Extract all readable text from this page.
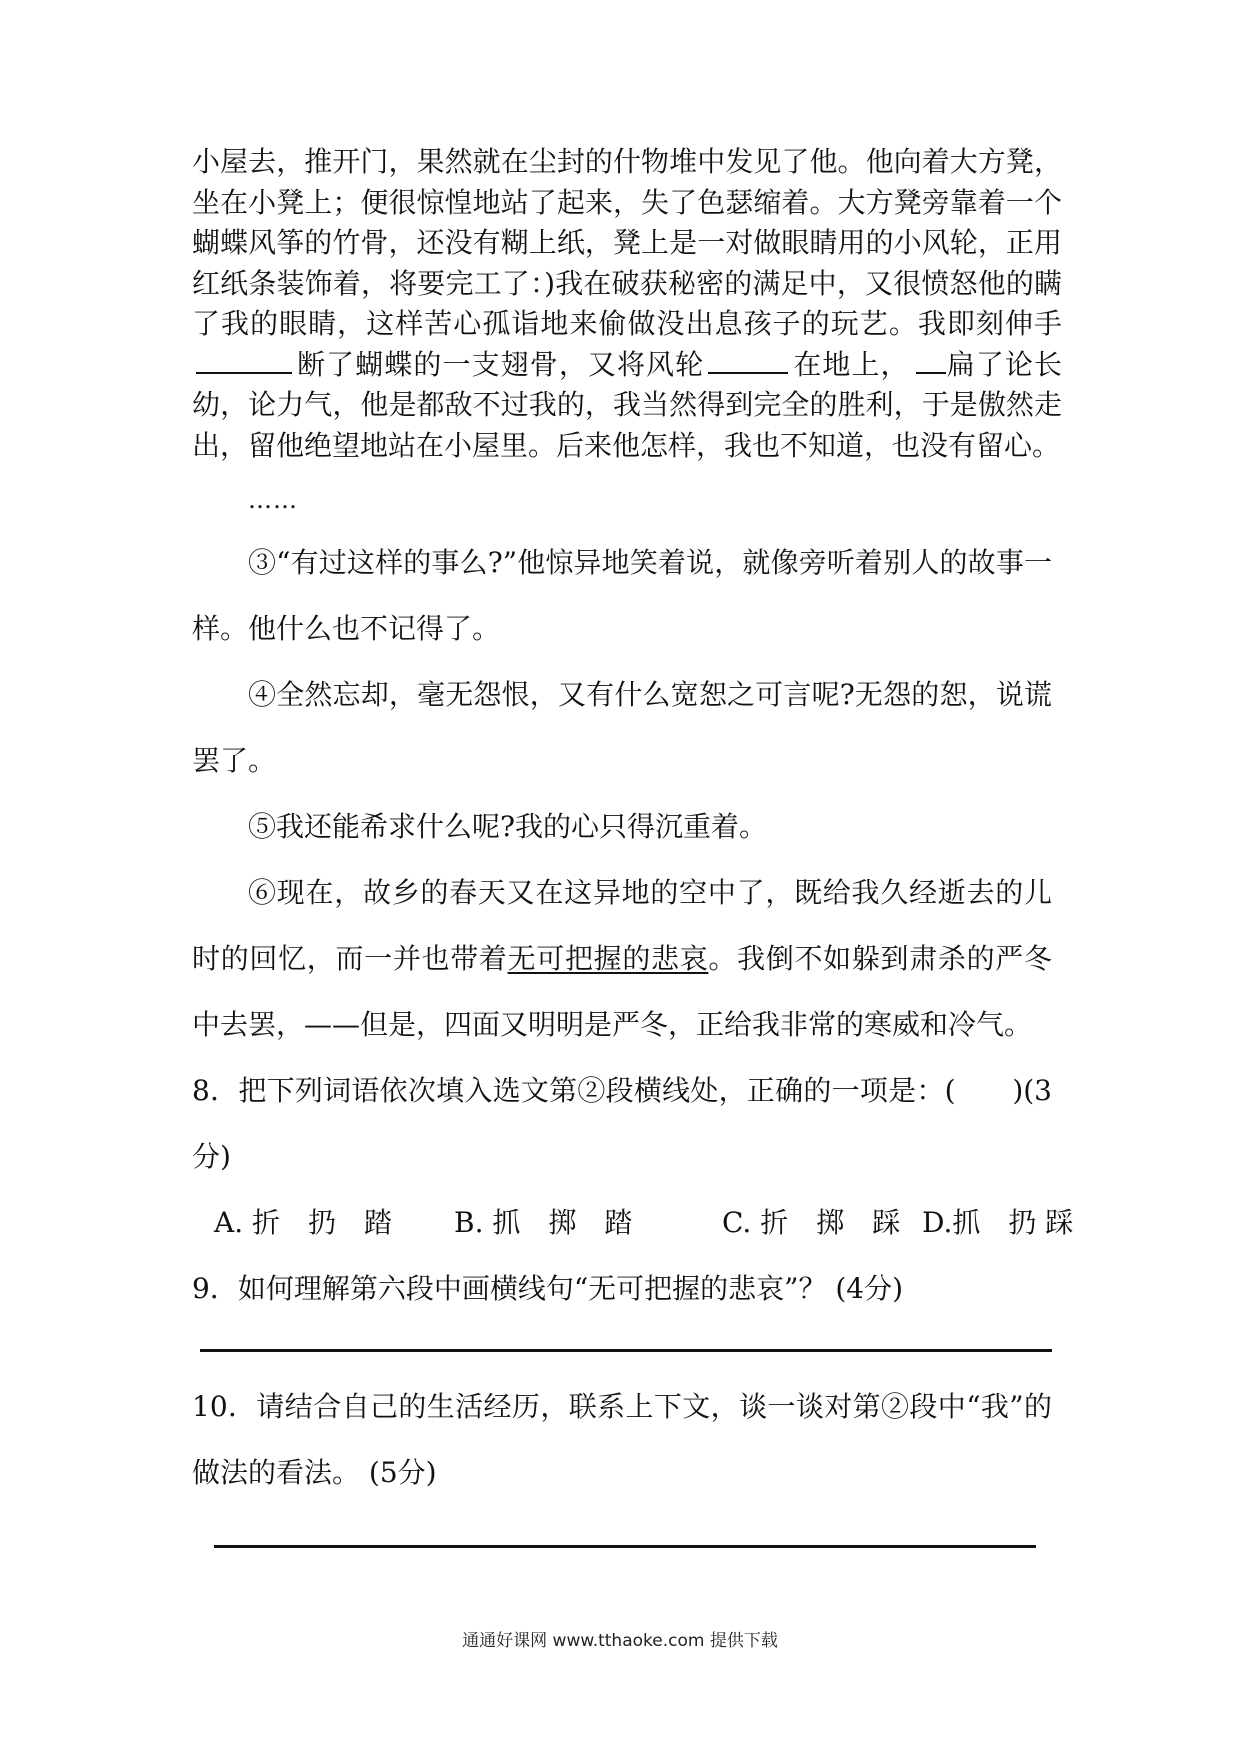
小屋去，推开门，果然就在尘封的什物堆中发见了他。他向着大方凳，坐在小凳上；便很惊惶地站了起来，失了色瑟缩着。大方凳旁靠着一个蝴蝶风筝的竹骨，还没有糊上纸，凳上是一对做眼睛用的小风轮，正用红纸条装饰着，将要完工了：)我在破获秘密的满足中，又很愤怒他的瞒了我的眼睛，这样苦心孤诣地来偷做没出息孩子的玩艺。我即刻伸手断了蝴蝶的一支翅骨，又将风轮	在地上， 扁了论长幼，论力气，他是都敌不过我的，我当然得到完全的胜利，于是傲然走出，留他绝望地站在小屋里。后来他怎样，我也不知道，也没有留心。
……
③“有过这样的事么?”他惊异地笑着说，就像旁听着别人的故事一样。他什么也不记得了。
④全然忘却，毫无怨恨，又有什么宽恕之可言呢?无怨的恕，说谎罢了。
⑤我还能希求什么呢?我的心只得沉重着。
⑥现在，故乡的春天又在这异地的空中了，既给我久经逝去的儿时的回忆，而一并也带着无可把握的悲哀。我倒不如躲到肃杀的严冬中去罢，——但是，四面又明明是严冬，正给我非常的寒威和冷气。
8．把下列词语依次填入选文第②段横线处，正确的一项是：(　　)(3分)
A. 折　扔　踏 B. 抓　掷　踏	C. 折　掷　踩 D.抓　扔 踩
9．如何理解第六段中画横线句“无可把握的悲哀”？ (4分)
10．请结合自己的生活经历，联系上下文，谈一谈对第②段中“我”的做法的看法。 (5分)
通通好课网 www.tthaoke.com 提供下载
